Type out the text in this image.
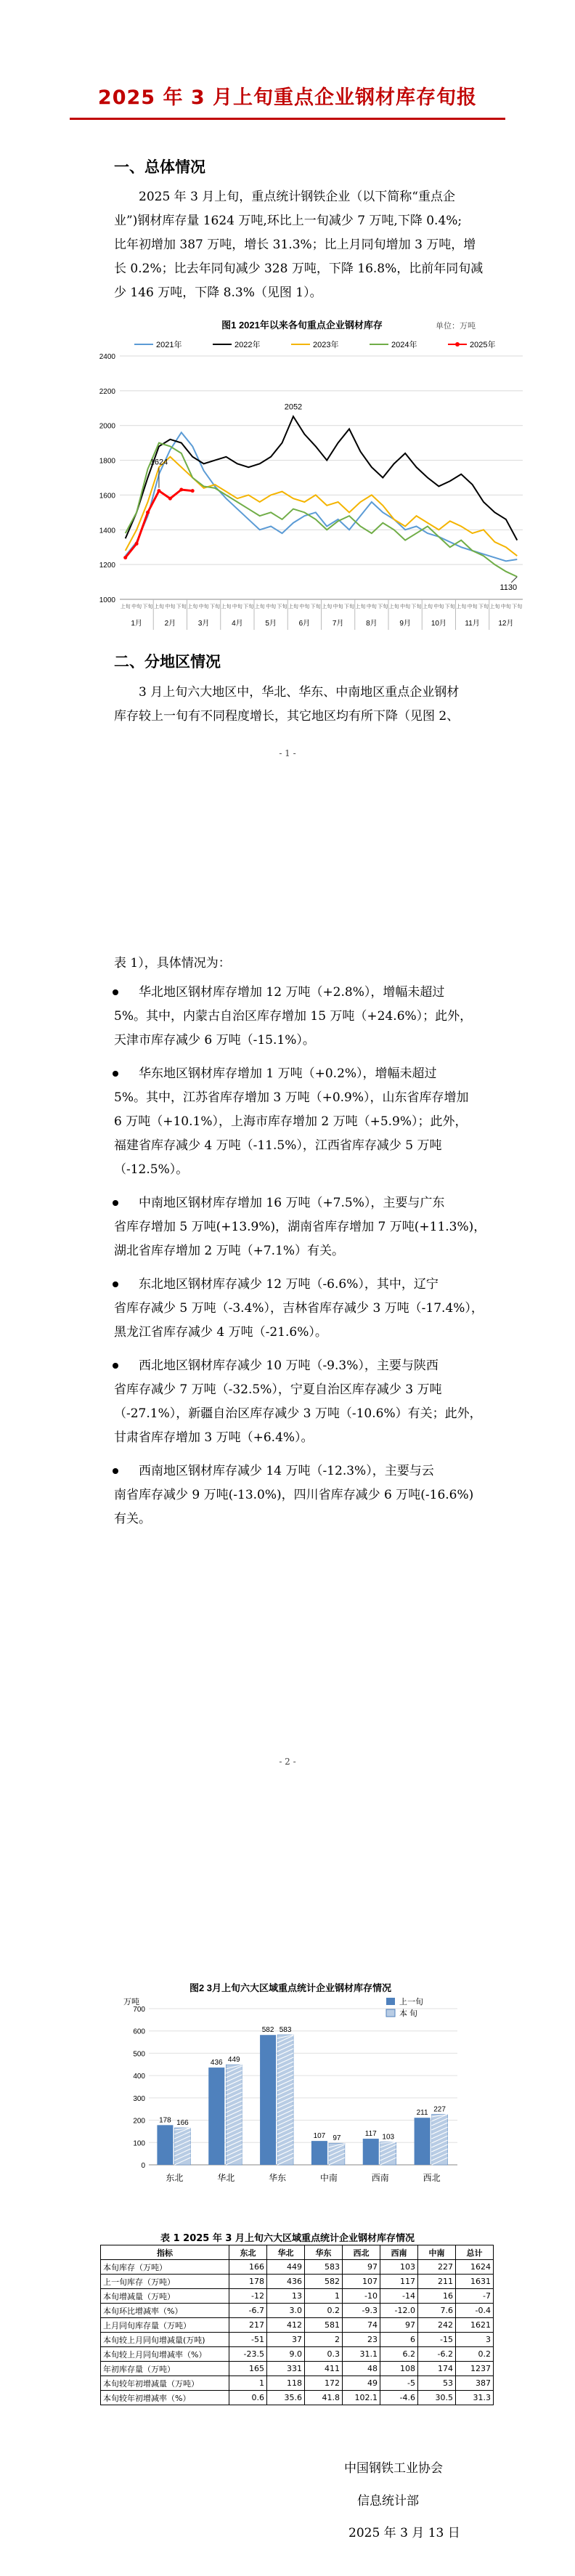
2025 年 3 月上旬重点企业钢材库存旬报
一、总体情况
2025 年 3 月上旬，重点统计钢铁企业（以下简称“重点企
业”)钢材库存量 1624 万吨,环比上一旬减少 7 万吨,下降 0.4%;
比年初增加 387 万吨，增长 31.3%；比上月同旬增加 3 万吨，增
长 0.2%；比去年同旬减少 328 万吨，下降 16.8%，比前年同旬减
少 146 万吨，下降 8.3%（见图 1）。
图1 2021年以来各旬重点企业钢材库存	单位：万吨
2021年	2022年	2023年	2024年	2025年
1000
1200
1400
1600
1800
2000
2200
2400
1月
上旬 中旬 下旬
2月
上旬 中旬 下旬
3月
上旬 中旬 下旬
4月
上旬 中旬 下旬
5月
上旬 中旬 下旬
6月
上旬 中旬 下旬
7月
上旬 中旬 下旬
8月
上旬 中旬 下旬
9月
上旬 中旬 下旬
10月
上旬 中旬 下旬
11月
上旬 中旬 下旬
12月
上旬 中旬 下旬
1624
2052
1130
二、分地区情况
3 月上旬六大地区中，华北、华东、中南地区重点企业钢材
库存较上一旬有不同程度增长，其它地区均有所下降（见图 2、
- 1 -
表 1），具体情况为：
华北地区钢材库存增加 12 万吨（+2.8%），增幅未超过
5%。其中，内蒙古自治区库存增加 15 万吨（+24.6%）；此外，
天津市库存减少 6 万吨（-15.1%）。
华东地区钢材库存增加 1 万吨（+0.2%），增幅未超过
5%。其中，江苏省库存增加 3 万吨（+0.9%），山东省库存增加
6 万吨（+10.1%），上海市库存增加 2 万吨（+5.9%）；此外，
福建省库存减少 4 万吨（-11.5%），江西省库存减少 5 万吨
（-12.5%）。
中南地区钢材库存增加 16 万吨（+7.5%），主要与广东
省库存增加 5 万吨(+13.9%)，湖南省库存增加 7 万吨(+11.3%)，
湖北省库存增加 2 万吨（+7.1%）有关。
东北地区钢材库存减少 12 万吨（-6.6%），其中，辽宁
省库存减少 5 万吨（-3.4%），吉林省库存减少 3 万吨（-17.4%），
黑龙江省库存减少 4 万吨（-21.6%）。
西北地区钢材库存减少 10 万吨（-9.3%），主要与陕西
省库存减少 7 万吨（-32.5%），宁夏自治区库存减少 3 万吨
（-27.1%），新疆自治区库存减少 3 万吨（-10.6%）有关；此外，
甘肃省库存增加 3 万吨（+6.4%）。
西南地区钢材库存减少 14 万吨（-12.3%），主要与云
南省库存减少 9 万吨(-13.0%)，四川省库存减少 6 万吨(-16.6%)
有关。
- 2 -
图2 3月上旬六大区域重点统计企业钢材库存情况
万吨	上一旬
本 旬
0
100
200
300
400
500
600
700
东北
178 166
华北
436 449
华东
582 583
中南
107 97
西南
117 103
西北
211 227
表 1 2025 年 3 月上旬六大区域重点统计企业钢材库存情况
指标	东北	华北	华东	西北	西南	中南	总计
本旬库存（万吨）	166	449	583	97	103	227	1624
上一旬库存（万吨）	178	436	582	107	117	211	1631
本旬增减量（万吨）	-12	13	1	-10	-14	16	-7
本旬环比增减率（%）	-6.7	3.0	0.2	-9.3	-12.0	7.6	-0.4
上月同旬库存量（万吨）	217	412	581	74	97	242	1621
本旬较上月同旬增减量(万吨)	-51	37	2	23	6	-15	3
本旬较上月同旬增减率（%）	-23.5	9.0	0.3	31.1	6.2	-6.2	0.2
年初库存量（万吨）	165	331	411	48	108	174	1237
本旬较年初增减量（万吨）	1	118	172	49	-5	53	387
本旬较年初增减率（%）	0.6	35.6	41.8	102.1	-4.6	30.5	31.3
中国钢铁工业协会
信息统计部
2025 年 3 月 13 日
